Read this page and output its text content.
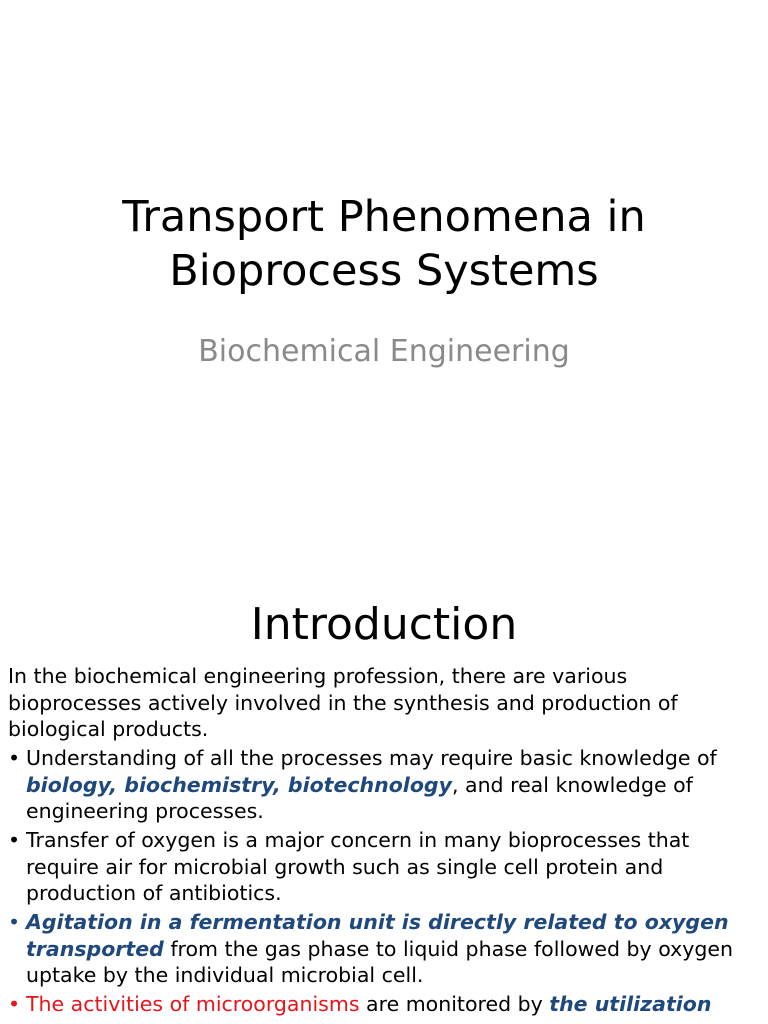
Transport Phenomena in
Bioprocess Systems
Biochemical Engineering
Introduction

In the biochemical engineering profession, there are various bioprocesses actively involved in the synthesis and production of biological products.

• Understanding of all the processes may require basic knowledge of biology, biochemistry, biotechnology, and real knowledge of engineering processes.
• Transfer of oxygen is a major concern in many bioprocesses that require air for microbial growth such as single cell protein and production of antibiotics.
• Agitation in a fermentation unit is directly related to oxygen transported from the gas phase to liquid phase followed by oxygen uptake by the individual microbial cell.
• The activities of microorganisms are monitored by the utilization
